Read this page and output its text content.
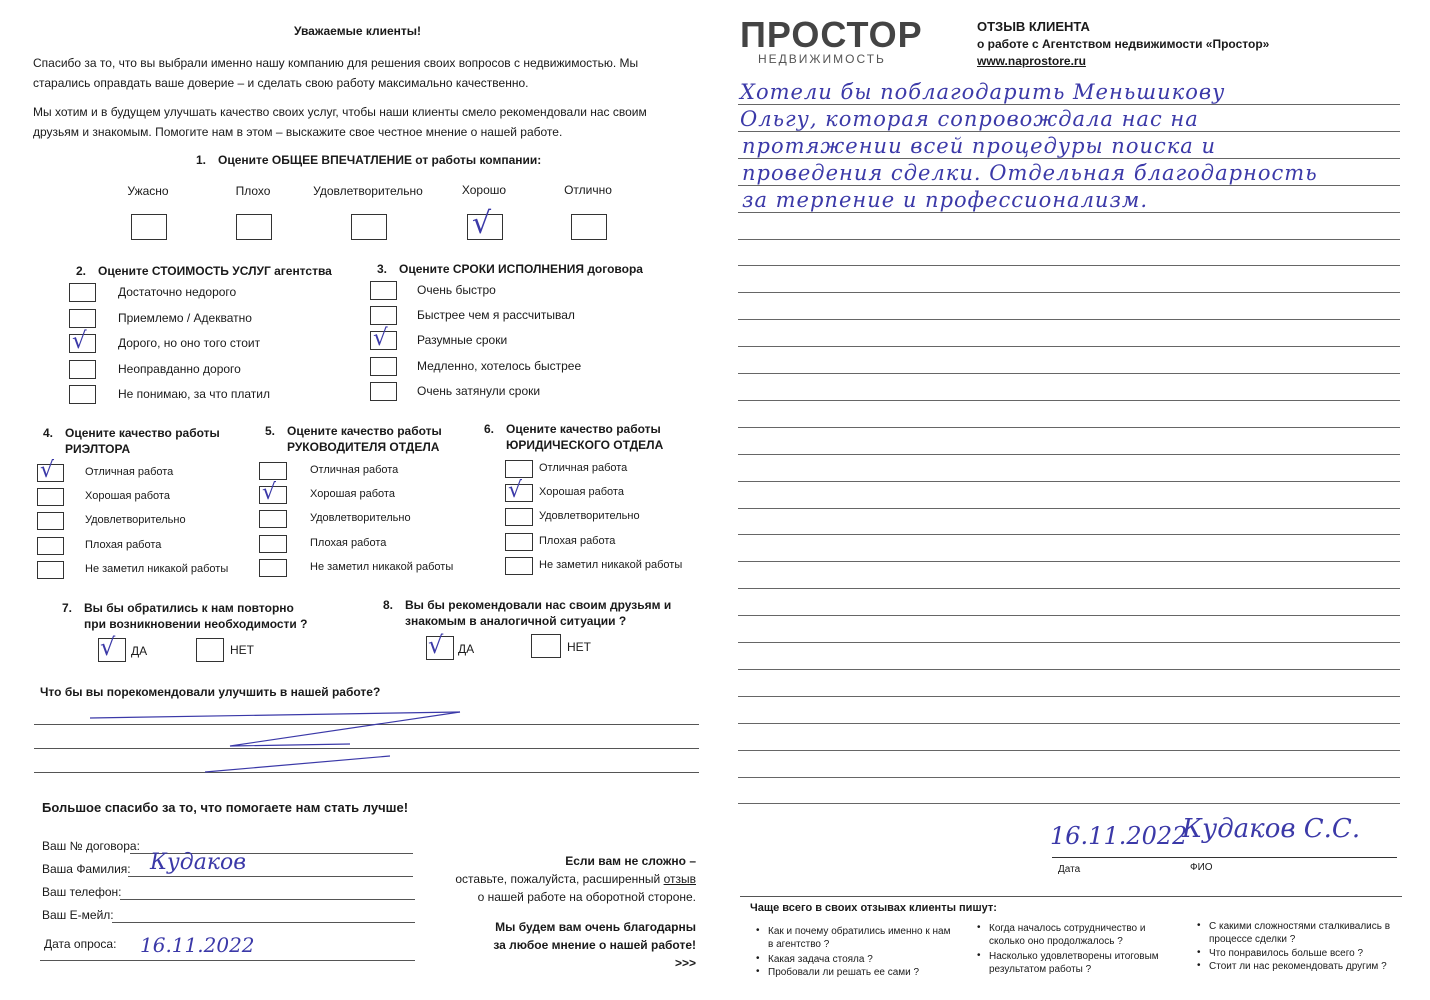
Уважаемые клиенты!
Спасибо за то, что вы выбрали именно нашу компанию для решения своих вопросов с недвижимостью. Мы старались оправдать ваше доверие – и сделать свою работу максимально качественно.
Мы хотим и в будущем улучшать качество своих услуг, чтобы наши клиенты смело рекомендовали нас своим друзьям и знакомым. Помогите нам в этом – выскажите свое честное мнение о нашей работе.
1. Оцените ОБЩЕЕ ВПЕЧАТЛЕНИЕ от работы компании:
Ужасно	Плохо	Удовлетворительно	Хорошо
√
Отлично
2. Оцените СТОИМОСТЬ УСЛУГ агентства
Достаточно недорого
Приемлемо / Адекватно
Дорого, но оно того стоит
√
Неоправданно дорого
Не понимаю, за что платил
3. Оцените СРОКИ ИСПОЛНЕНИЯ договора
Очень быстро
Быстрее чем я рассчитывал
Разумные сроки
√
Медленно, хотелось быстрее
Очень затянули сроки
4. Оцените качество работы
РИЭЛТОРА
Отличная работа
√
Хорошая работа
Удовлетворительно
Плохая работа
Не заметил никакой работы
5. Оцените качество работы
РУКОВОДИТЕЛЯ ОТДЕЛА
Отличная работа
Хорошая работа
√
Удовлетворительно
Плохая работа
Не заметил никакой работы
6. Оцените качество работы
ЮРИДИЧЕСКОГО ОТДЕЛА
Отличная работа
Хорошая работа
√
Удовлетворительно
Плохая работа
Не заметил никакой работы
7. Вы бы обратились к нам повторно
при возникновении необходимости ?
√ ДА	НЕТ
8. Вы бы рекомендовали нас своим друзьям и
знакомым в аналогичной ситуации ?
√ ДА	НЕТ
Что бы вы порекомендовали улучшить в нашей работе?
Большое спасибо за то, что помогаете нам стать лучше!
Ваш № договора:
Ваша Фамилия: Кудаков
Ваш телефон:
Ваш Е-мейл:
Дата опроса: 16.11.2022
Если вам не сложно –
оставьте, пожалуйста, расширенный отзыв
о нашей работе на оборотной стороне.
Мы будем вам очень благодарны
за любое мнение о нашей работе!
>>>
ПРОСТОР
НЕДВИЖИМОСТЬ
ОТЗЫВ КЛИЕНТА
о работе с Агентством недвижимости «Простор»
www.naprostore.ru
Хотели бы поблагодарить Меньшикову
Ольгу, которая сопровождала нас на
протяжении всей процедуры поиска и
проведения сделки. Отдельная благодарность
за терпение и профессионализм.
16.11.2022
Кудаков С.С.
Дата	ФИО
Чаще всего в своих отзывах клиенты пишут:
• Как и почему обратились именно к нам в агентство ?
• Какая задача стояла ?
• Пробовали ли решать ее сами ?
• Когда началось сотрудничество и сколько оно продолжалось ?
• Насколько удовлетворены итоговым результатом работы ?
• С какими сложностями сталкивались в процессе сделки ?
• Что понравилось больше всего ?
• Стоит ли нас рекомендовать другим ?
